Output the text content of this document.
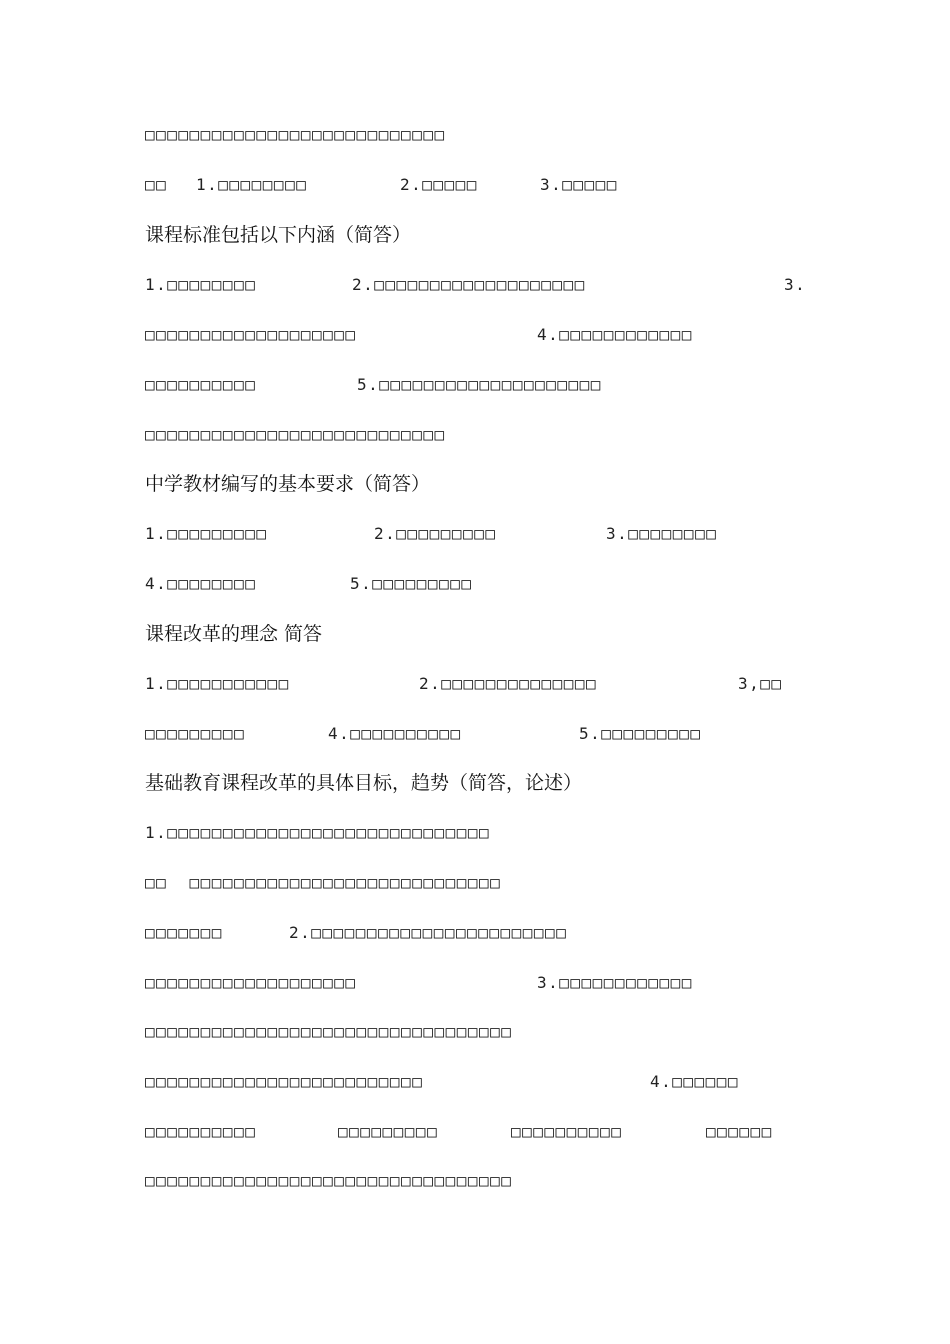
□□□□□□□□□□□□□□□□□□□□□□□□□□□
□□ 1.□□□□□□□□	2.□□□□□	3.□□□□□
课程标准包括以下内涵（简答）
1.□□□□□□□□	2.□□□□□□□□□□□□□□□□□□□	3.
□□□□□□□□□□□□□□□□□□□	4.□□□□□□□□□□□□
□□□□□□□□□□	5.□□□□□□□□□□□□□□□□□□□□
□□□□□□□□□□□□□□□□□□□□□□□□□□□
中学教材编写的基本要求（简答）
1.□□□□□□□□□	2.□□□□□□□□□	3.□□□□□□□□
4.□□□□□□□□	5.□□□□□□□□□
课程改革的理念 简答
1.□□□□□□□□□□□	2.□□□□□□□□□□□□□□	3,□□
□□□□□□□□□	4.□□□□□□□□□□	5.□□□□□□□□□
基础教育课程改革的具体目标，趋势（简答，论述）
1.□□□□□□□□□□□□□□□□□□□□□□□□□□□□□
□□  □□□□□□□□□□□□□□□□□□□□□□□□□□□□
□□□□□□□	2.□□□□□□□□□□□□□□□□□□□□□□□
□□□□□□□□□□□□□□□□□□□	3.□□□□□□□□□□□□
□□□□□□□□□□□□□□□□□□□□□□□□□□□□□□□□□
□□□□□□□□□□□□□□□□□□□□□□□□□	4.□□□□□□
□□□□□□□□□□	□□□□□□□□□	□□□□□□□□□□	□□□□□□
□□□□□□□□□□□□□□□□□□□□□□□□□□□□□□□□□
